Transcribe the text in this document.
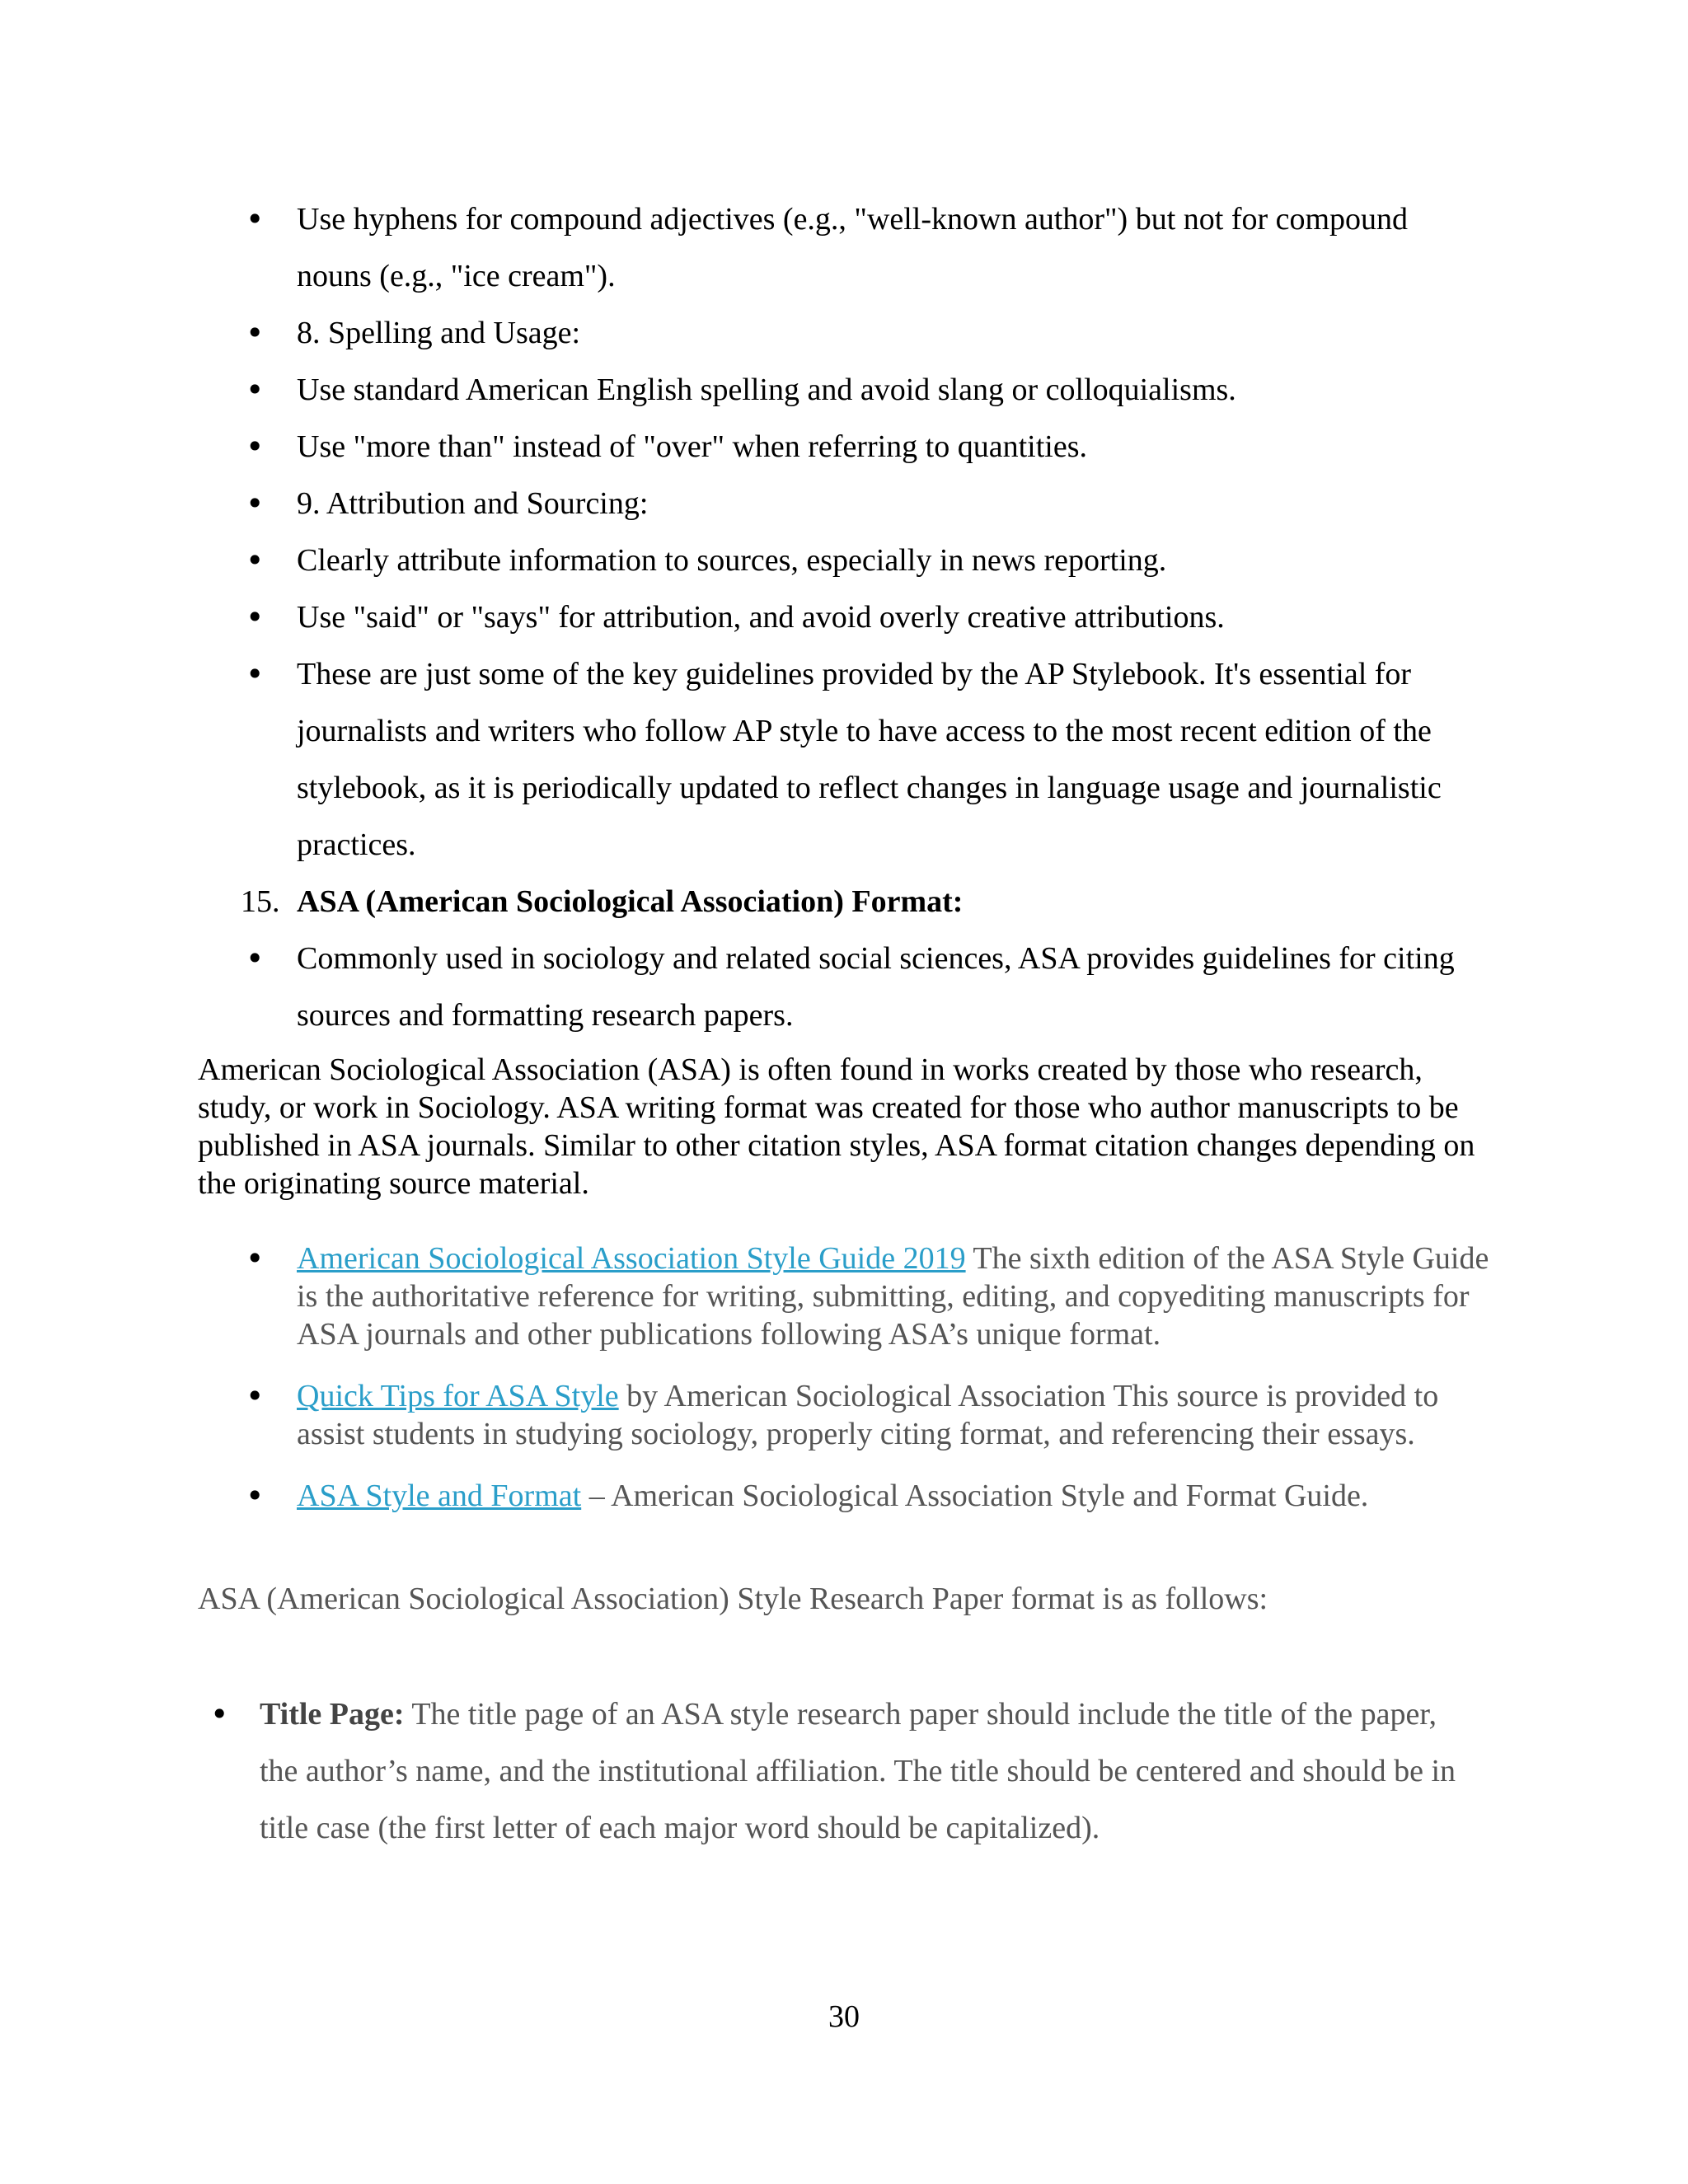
• Use hyphens for compound adjectives (e.g., "well-known author") but not for compound nouns (e.g., "ice cream").
• 8. Spelling and Usage:
• Use standard American English spelling and avoid slang or colloquialisms.
• Use "more than" instead of "over" when referring to quantities.
• 9. Attribution and Sourcing:
• Clearly attribute information to sources, especially in news reporting.
• Use "said" or "says" for attribution, and avoid overly creative attributions.
• These are just some of the key guidelines provided by the AP Stylebook. It's essential for journalists and writers who follow AP style to have access to the most recent edition of the stylebook, as it is periodically updated to reflect changes in language usage and journalistic practices.
15. ASA (American Sociological Association) Format:
• Commonly used in sociology and related social sciences, ASA provides guidelines for citing sources and formatting research papers.

American Sociological Association (ASA) is often found in works created by those who research, study, or work in Sociology. ASA writing format was created for those who author manuscripts to be published in ASA journals. Similar to other citation styles, ASA format citation changes depending on the originating source material.

• American Sociological Association Style Guide 2019 The sixth edition of the ASA Style Guide is the authoritative reference for writing, submitting, editing, and copyediting manuscripts for ASA journals and other publications following ASA’s unique format.
• Quick Tips for ASA Style by American Sociological Association This source is provided to assist students in studying sociology, properly citing format, and referencing their essays.
• ASA Style and Format – American Sociological Association Style and Format Guide.

ASA (American Sociological Association) Style Research Paper format is as follows:

• Title Page: The title page of an ASA style research paper should include the title of the paper, the author’s name, and the institutional affiliation. The title should be centered and should be in title case (the first letter of each major word should be capitalized).
30
